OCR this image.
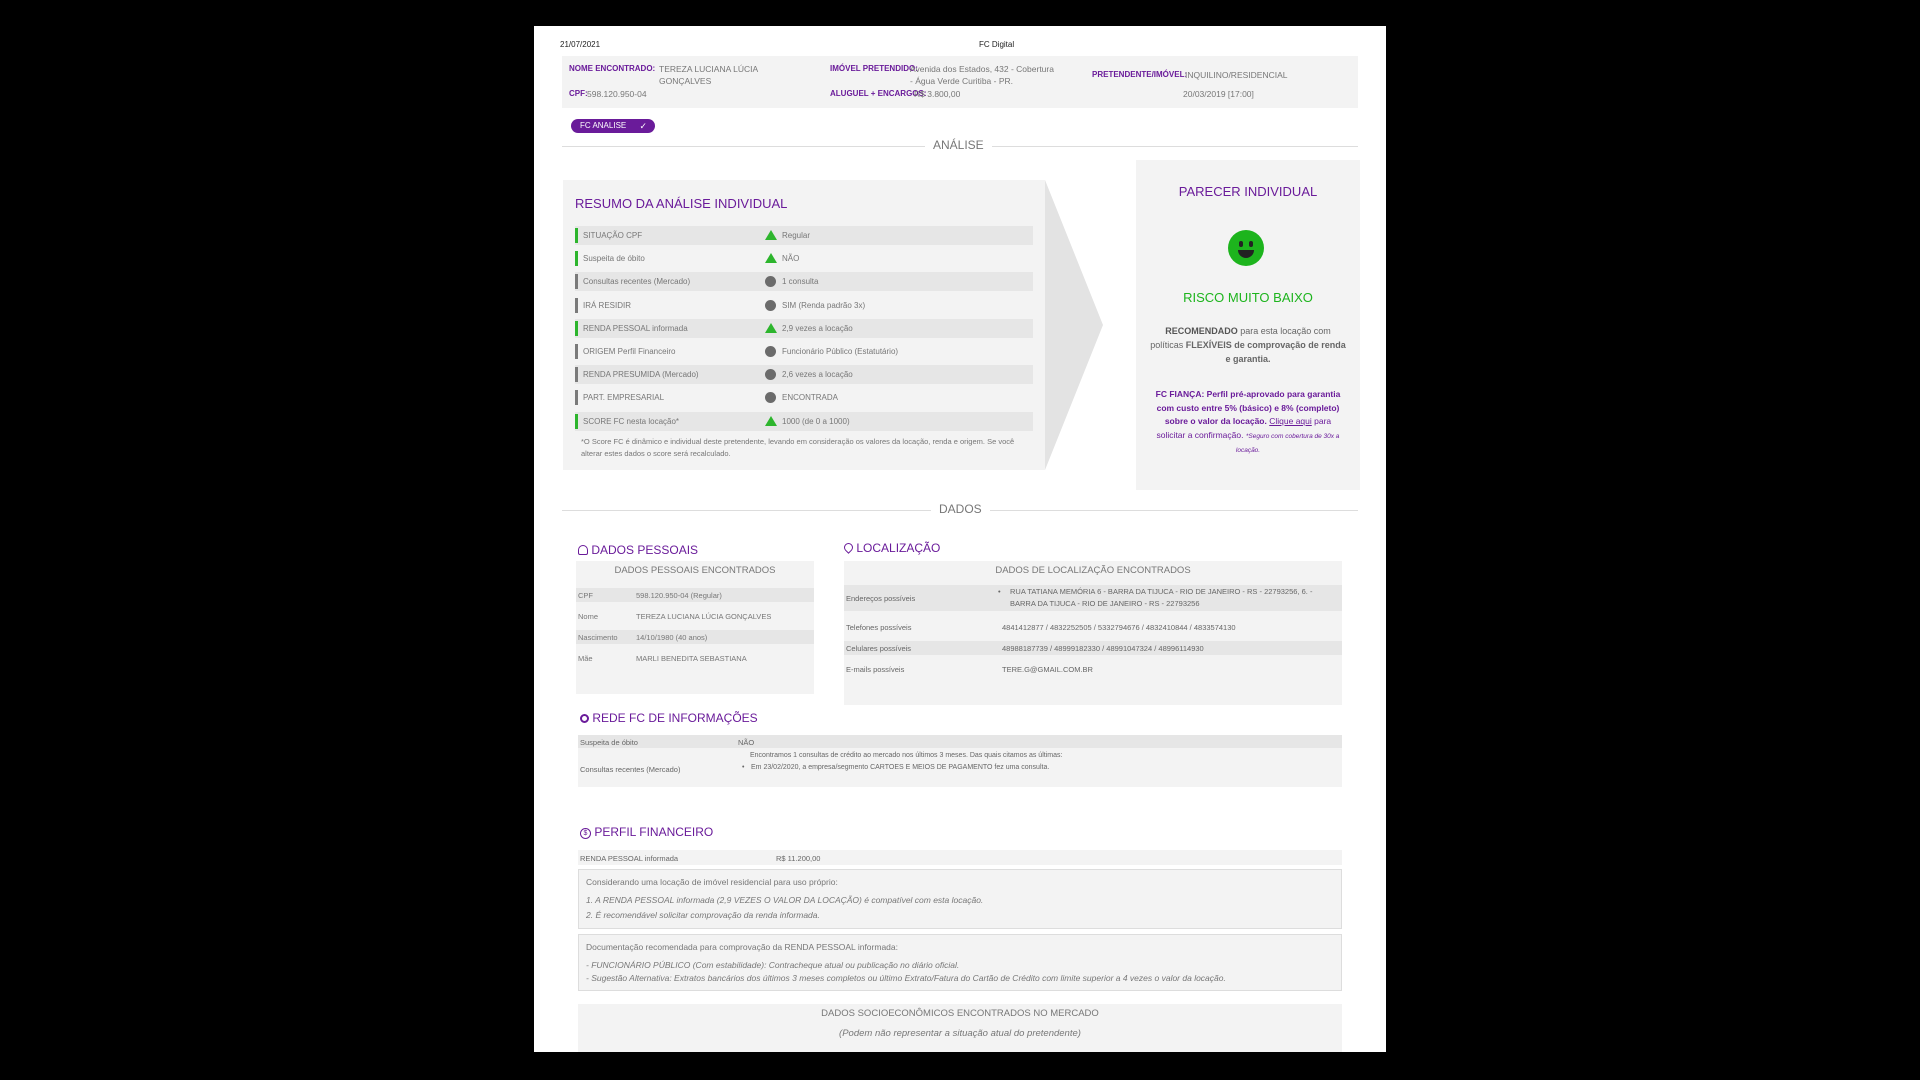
21/07/2021	FC Digital
NOME ENCONTRADO: TEREZA LUCIANA LÚCIA
GONÇALVES
CPF: 598.120.950-04
IMÓVEL PRETENDIDO:
Avenida dos Estados, 432 - Cobertura
- Água Verde Curitiba - PR.
ALUGUEL + ENCARGOS:
R$ 3.800,00
PRETENDENTE/IMÓVEL:
INQUILINO/RESIDENCIAL
20/03/2019 [17:00]
FC ANALISE ✓
ANÁLISE
RESUMO DA ANÁLISE INDIVIDUAL
SITUAÇÃO CPF	Regular
Suspeita de óbito	NÃO
Consultas recentes (Mercado)	1 consulta
IRÁ RESIDIR	SIM (Renda padrão 3x)
RENDA PESSOAL informada	2,9 vezes a locação
ORIGEM Perfil Financeiro	Funcionário Público (Estatutário)
RENDA PRESUMIDA (Mercado)	2,6 vezes a locação
PART. EMPRESARIAL	ENCONTRADA
SCORE FC nesta locação*	1000 (de 0 a 1000)
*O Score FC é dinâmico e individual deste pretendente, levando em consideração os valores da locação, renda e origem. Se você alterar estes dados o score será recalculado.
PARECER INDIVIDUAL
RISCO MUITO BAIXO
RECOMENDADO para esta locação com políticas FLEXÍVEIS de comprovação de renda e garantia.
FC FIANÇA: Perfil pré-aprovado para garantia com custo entre 5% (básico) e 8% (completo) sobre o valor da locação. Clique aqui para solicitar a confirmação. *Seguro com cobertura de 30x a locação.
DADOS
DADOS PESSOAIS
DADOS PESSOAIS ENCONTRADOS
CPF	598.120.950-04 (Regular)
Nome	TEREZA LUCIANA LÚCIA GONÇALVES
Nascimento 14/10/1980 (40 anos)
Mãe	MARLI BENEDITA SEBASTIANA
LOCALIZAÇÃO
DADOS DE LOCALIZAÇÃO ENCONTRADOS
Endereços possíveis
• RUA TATIANA MEMÓRIA 6 - BARRA DA TIJUCA - RIO DE JANEIRO - RS - 22793256, 6. -
BARRA DA TIJUCA - RIO DE JANEIRO - RS - 22793256
Telefones possíveis	4841412877 / 4832252505 / 5332794676 / 4832410844 / 4833574130
Celulares possíveis	48988187739 / 48999182330 / 48991047324 / 48996114930
E-mails possíveis	TERE.G@GMAIL.COM.BR
REDE FC DE INFORMAÇÕES
Suspeita de óbito	NÃO
Consultas recentes (Mercado)
Encontramos 1 consultas de crédito ao mercado nos últimos 3 meses. Das quais citamos as últimas:
• Em 23/02/2020, a empresa/segmento CARTOES E MEIOS DE PAGAMENTO fez uma consulta.
$ PERFIL FINANCEIRO
RENDA PESSOAL informada	R$ 11.200,00
Considerando uma locação de imóvel residencial para uso próprio:
1. A RENDA PESSOAL informada (2,9 VEZES O VALOR DA LOCAÇÃO) é compatível com esta locação.
2. É recomendável solicitar comprovação da renda informada.
Documentação recomendada para comprovação da RENDA PESSOAL informada:
- FUNCIONÁRIO PÚBLICO (Com estabilidade): Contracheque atual ou publicação no diário oficial.
- Sugestão Alternativa: Extratos bancários dos últimos 3 meses completos ou último Extrato/Fatura do Cartão de Crédito com limite superior a 4 vezes o valor da locação.
DADOS SOCIOECONÔMICOS ENCONTRADOS NO MERCADO
(Podem não representar a situação atual do pretendente)
